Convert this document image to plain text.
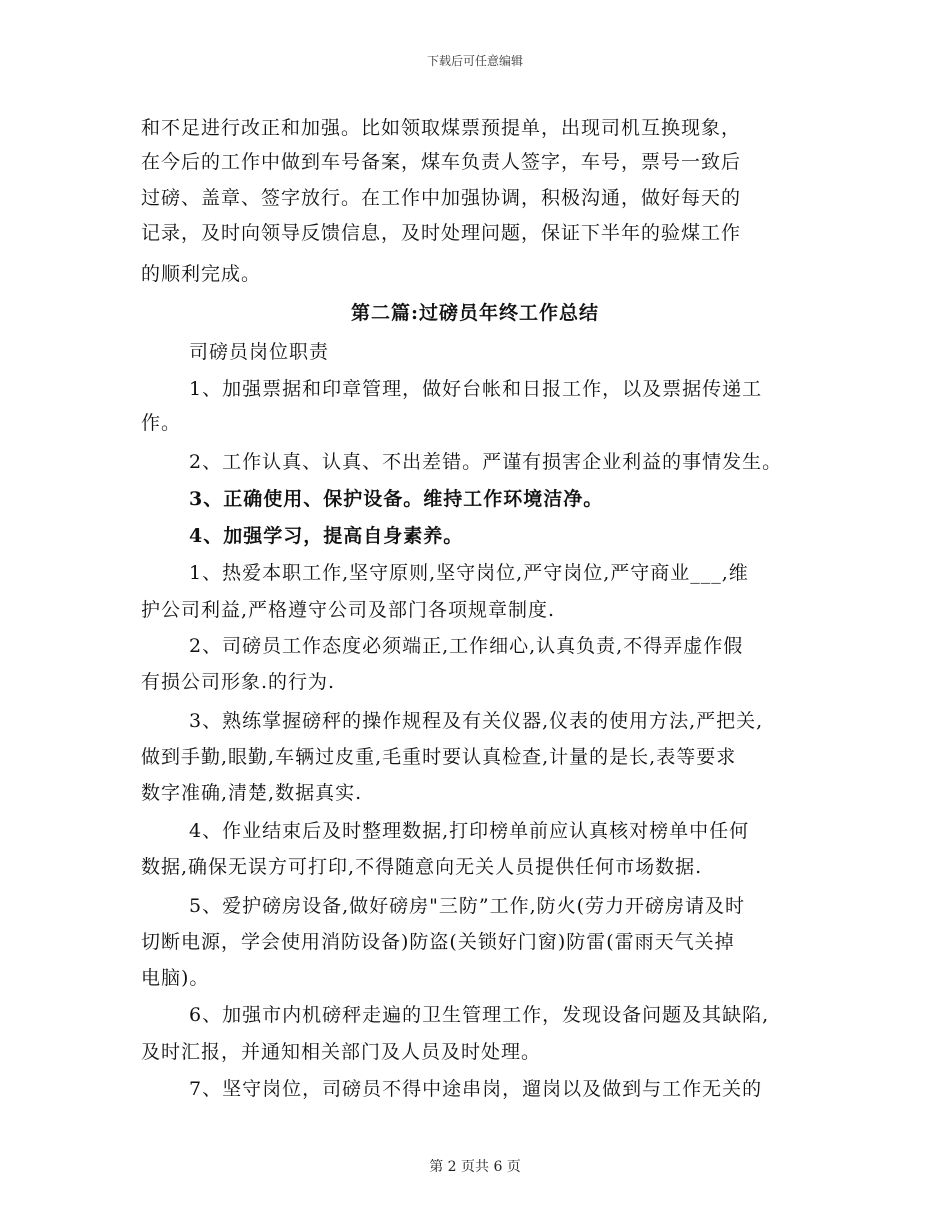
下载后可任意编辑
和不足进行改正和加强。比如领取煤票预提单，出现司机互换现象，
在今后的工作中做到车号备案，煤车负责人签字，车号，票号一致后
过磅、盖章、签字放行。在工作中加强协调，积极沟通，做好每天的
记录，及时向领导反馈信息，及时处理问题，保证下半年的验煤工作
的顺利完成。
第二篇:过磅员年终工作总结
司磅员岗位职责
1、加强票据和印章管理，做好台帐和日报工作，以及票据传递工
作。
2、工作认真、认真、不出差错。严谨有损害企业利益的事情发生。
3、正确使用、保护设备。维持工作环境洁净。
4、加强学习，提高自身素养。
1、热爱本职工作,坚守原则,坚守岗位,严守岗位,严守商业___,维
护公司利益,严格遵守公司及部门各项规章制度.
2、司磅员工作态度必须端正,工作细心,认真负责,不得弄虚作假
有损公司形象.的行为.
3、熟练掌握磅秤的操作规程及有关仪器,仪表的使用方法,严把关,
做到手勤,眼勤,车辆过皮重,毛重时要认真检查,计量的是长,表等要求
数字准确,清楚,数据真实.
4、作业结束后及时整理数据,打印榜单前应认真核对榜单中任何
数据,确保无误方可打印,不得随意向无关人员提供任何市场数据.
5、爱护磅房设备,做好磅房"三防”工作,防火(劳力开磅房请及时
切断电源，学会使用消防设备)防盗(关锁好门窗)防雷(雷雨天气关掉
电脑)。
6、加强市内机磅秤走遍的卫生管理工作，发现设备问题及其缺陷,
及时汇报，并通知相关部门及人员及时处理。
7、坚守岗位，司磅员不得中途串岗，遛岗以及做到与工作无关的
第 2 页共 6 页
